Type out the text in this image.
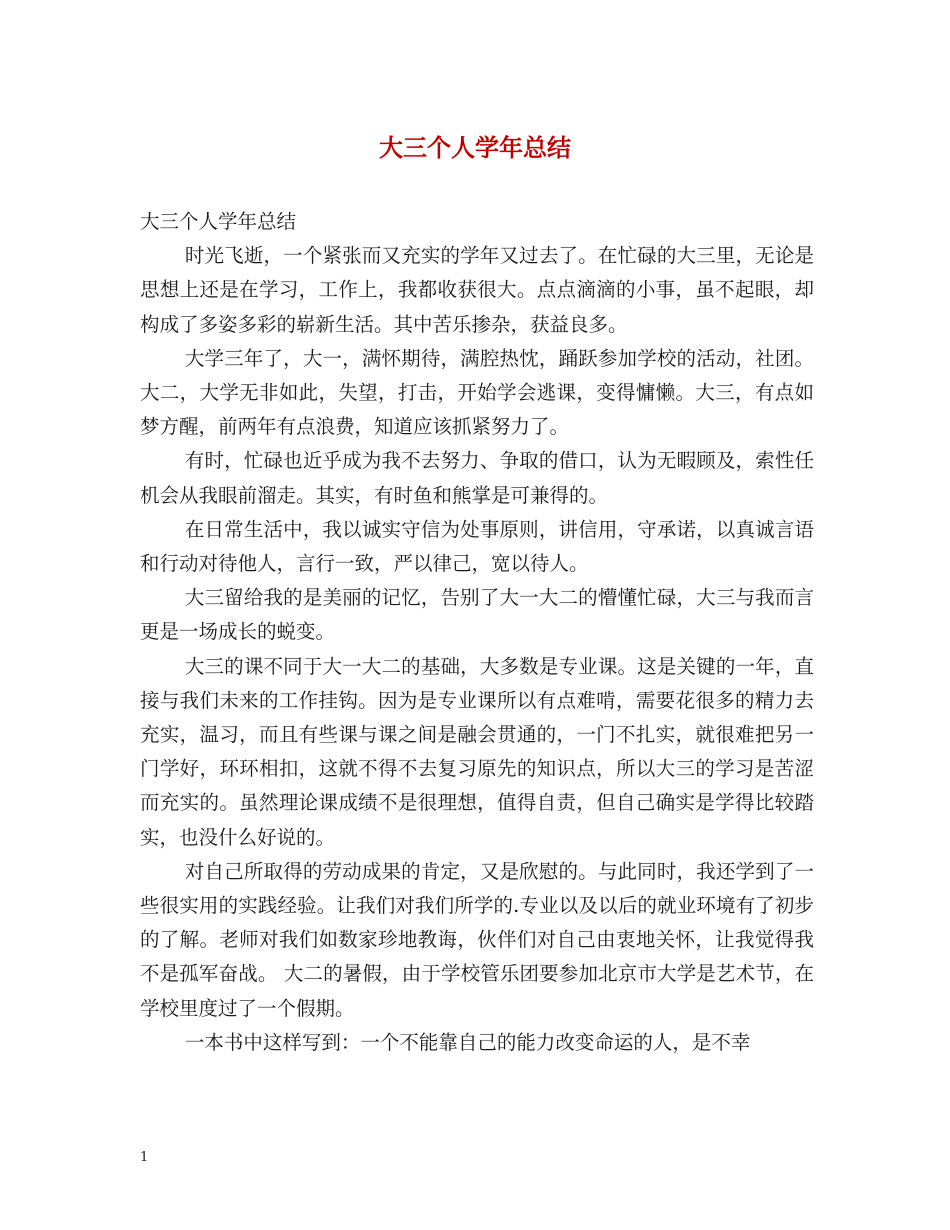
大三个人学年总结

大三个人学年总结

时光飞逝，一个紧张而又充实的学年又过去了。在忙碌的大三里，无论是思想上还是在学习，工作上，我都收获很大。点点滴滴的小事，虽不起眼，却构成了多姿多彩的崭新生活。其中苦乐掺杂，获益良多。

大学三年了，大一，满怀期待，满腔热忱，踊跃参加学校的活动，社团。 大二，大学无非如此，失望，打击，开始学会逃课，变得慵懒。大三，有点如梦方醒，前两年有点浪费，知道应该抓紧努力了。

有时，忙碌也近乎成为我不去努力、争取的借口，认为无暇顾及，索性任机会从我眼前溜走。其实，有时鱼和熊掌是可兼得的。

在日常生活中，我以诚实守信为处事原则，讲信用，守承诺，以真诚言语和行动对待他人，言行一致，严以律己，宽以待人。

大三留给我的是美丽的记忆，告别了大一大二的懵懂忙碌，大三与我而言更是一场成长的蜕变。

大三的课不同于大一大二的基础，大多数是专业课。这是关键的一年，直接与我们未来的工作挂钩。因为是专业课所以有点难啃，需要花很多的精力去充实，温习，而且有些课与课之间是融会贯通的，一门不扎实，就很难把另一门学好，环环相扣，这就不得不去复习原先的知识点，所以大三的学习是苦涩而充实的。虽然理论课成绩不是很理想，值得自责，但自己确实是学得比较踏实，也没什么好说的。

对自己所取得的劳动成果的肯定，又是欣慰的。与此同时，我还学到了一些很实用的实践经验。让我们对我们所学的.专业以及以后的就业环境有了初步的了解。老师对我们如数家珍地教诲，伙伴们对自己由衷地关怀，让我觉得我不是孤军奋战。 大二的暑假，由于学校管乐团要参加北京市大学是艺术节，在学校里度过了一个假期。

一本书中这样写到：一个不能靠自己的能力改变命运的人，是不幸

1
